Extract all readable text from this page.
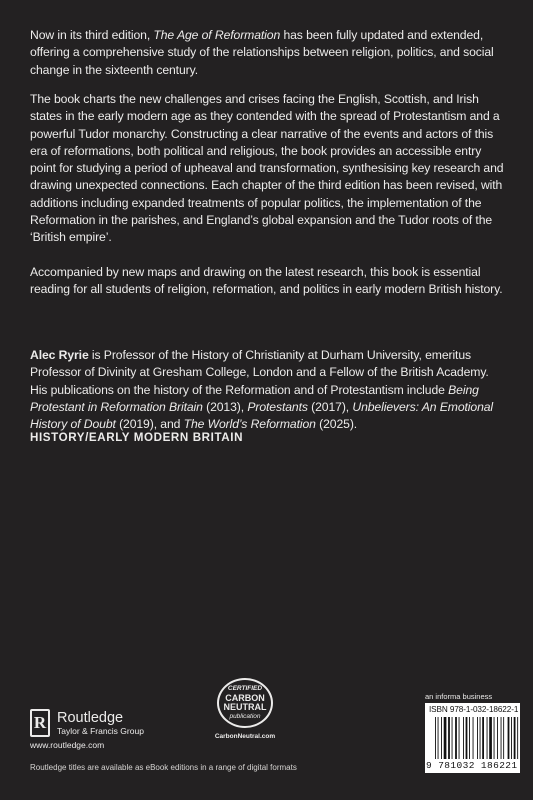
Now in its third edition, The Age of Reformation has been fully updated and extended, offering a comprehensive study of the relationships between religion, politics, and social change in the sixteenth century.

The book charts the new challenges and crises facing the English, Scottish, and Irish states in the early modern age as they contended with the spread of Protestantism and a powerful Tudor monarchy. Constructing a clear narrative of the events and actors of this era of reformations, both political and religious, the book provides an accessible entry point for studying a period of upheaval and transformation, synthesising key research and drawing unexpected connections. Each chapter of the third edition has been revised, with additions including expanded treatments of popular politics, the implementation of the Reformation in the parishes, and England’s global expansion and the Tudor roots of the ‘British empire’.

Accompanied by new maps and drawing on the latest research, this book is essential reading for all students of religion, reformation, and politics in early modern British history.

Alec Ryrie is Professor of the History of Christianity at Durham University, emeritus Professor of Divinity at Gresham College, London and a Fellow of the British Academy. His publications on the history of the Reformation and of Protestantism include Being Protestant in Reformation Britain (2013), Protestants (2017), Unbelievers: An Emotional History of Doubt (2019), and The World’s Reformation (2025).

HISTORY/EARLY MODERN BRITAIN

R Routledge
Taylor & Francis Group
www.routledge.com
CERTIFIED
CARBON NEUTRAL
publication
CarbonNeutral.com
an informa business
ISBN 978-1-032-18622-1
9 781032 186221
Routledge titles are available as eBook editions in a range of digital formats
